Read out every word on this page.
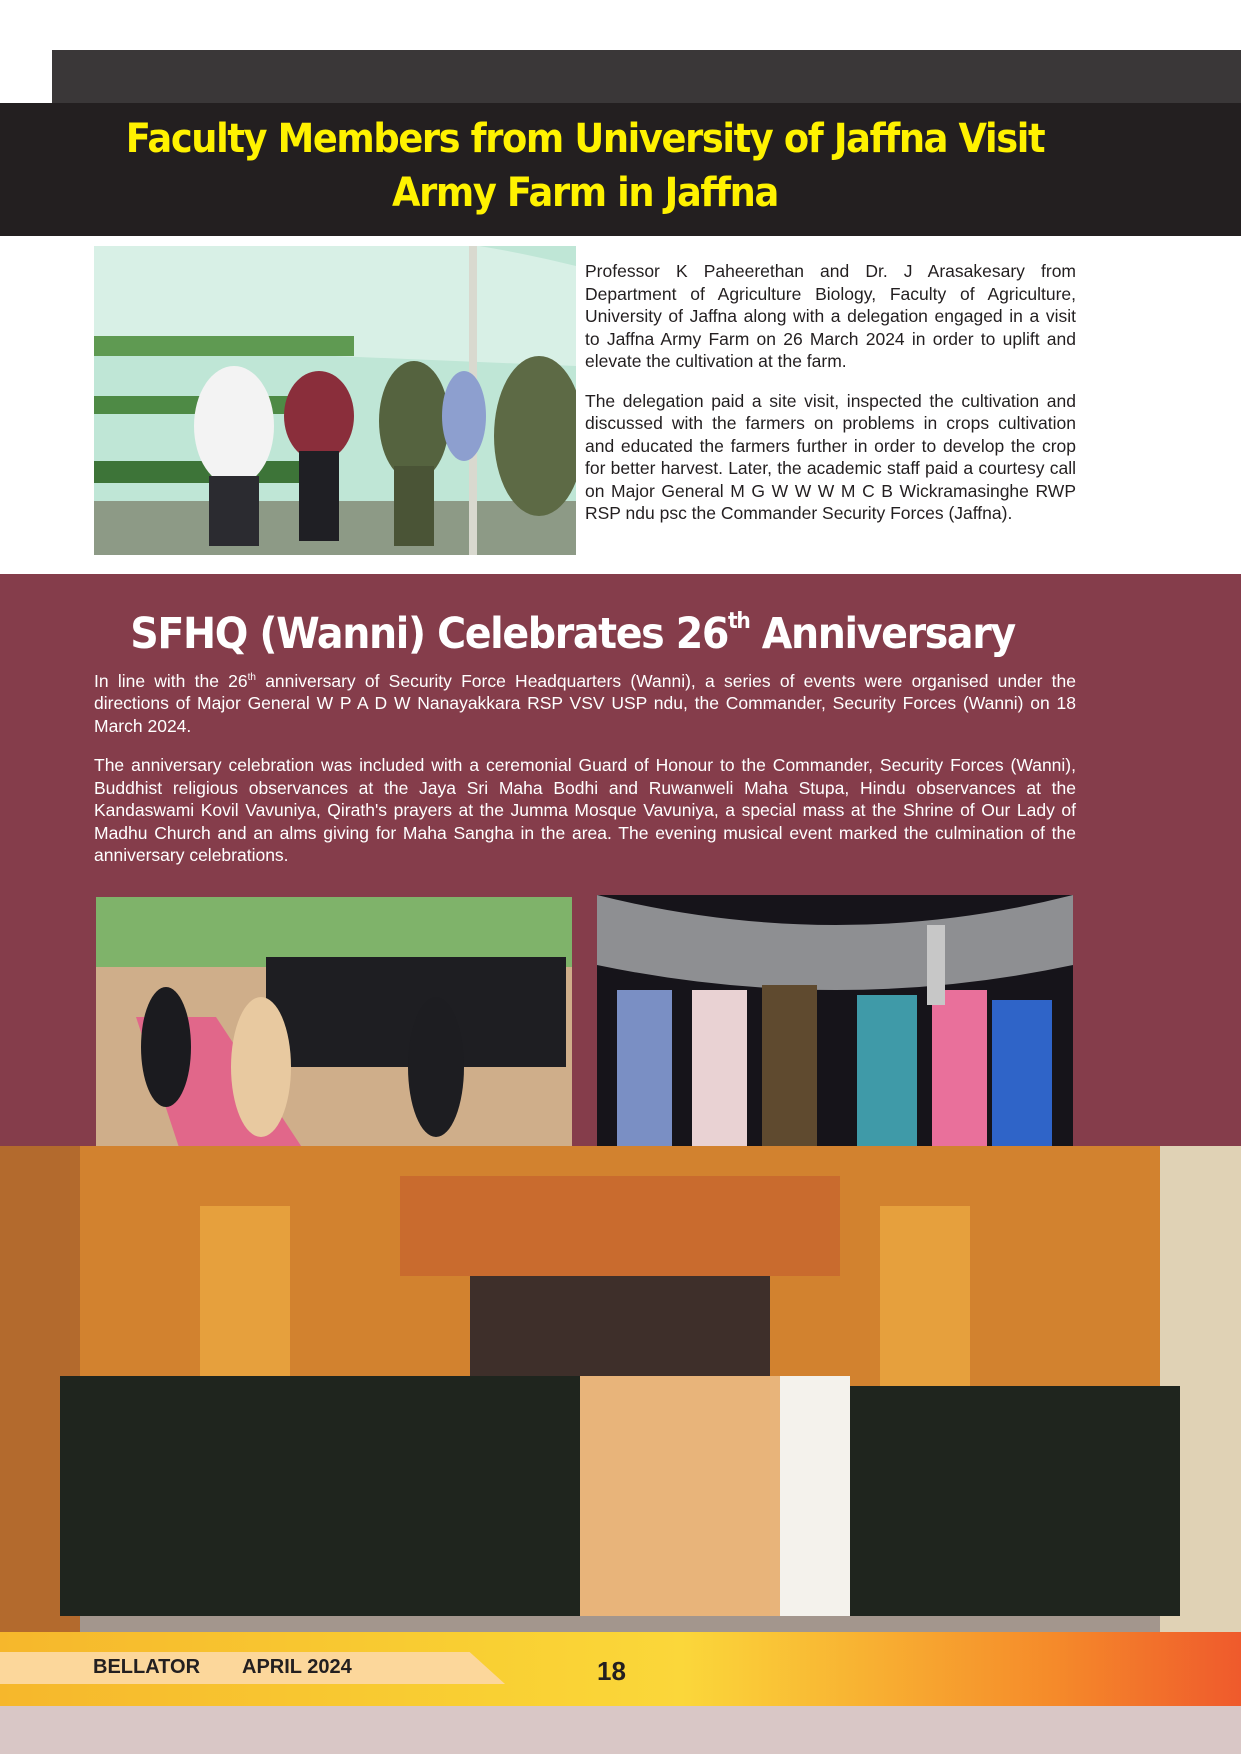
Faculty Members from University of Jaffna Visit
Army Farm in Jaffna

Professor K Paheerethan and Dr. J Arasakesary from Department of Agriculture Biology, Faculty of Agriculture, University of Jaffna along with a delegation engaged in a visit to Jaffna Army Farm on 26 March 2024 in order to uplift and elevate the cultivation at the farm.

The delegation paid a site visit, inspected the cultivation and discussed with the farmers on problems in crops cultivation and educated the farmers further in order to develop the crop for better harvest. Later, the academic staff paid a courtesy call on Major General M G W W W M C B Wickramasinghe RWP RSP ndu psc the Commander Security Forces (Jaffna).

SFHQ (Wanni) Celebrates 26th Anniversary

In line with the 26th anniversary of Security Force Headquarters (Wanni), a series of events were organised under the directions of Major General W P A D W Nanayakkara RSP VSV USP ndu, the Commander, Security Forces (Wanni) on 18 March 2024.

The anniversary celebration was included with a ceremonial Guard of Honour to the Commander, Security Forces (Wanni), Buddhist religious observances at the Jaya Sri Maha Bodhi and Ruwanweli Maha Stupa, Hindu observances at the Kandaswami Kovil Vavuniya, Qirath's prayers at the Jumma Mosque Vavuniya, a special mass at the Shrine of Our Lady of Madhu Church and an alms giving for Maha Sangha in the area. The evening musical event marked the culmination of the anniversary celebrations.

BELLATOR APRIL 2024	18
